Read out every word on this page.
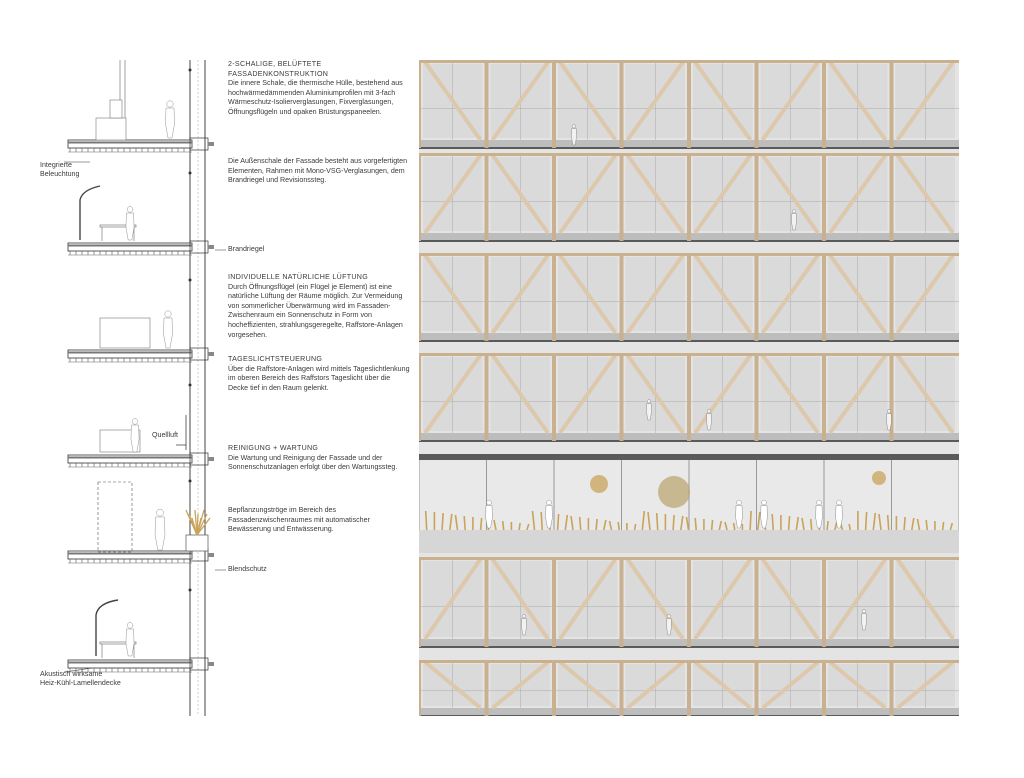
Integrierte
Beleuchtung
Brandriegel
Quellluft
Blendschutz
Akustisch wirksame
Heiz-Kühl-Lamellendecke
2-SCHALIGE, BELÜFTETE FASSADENKONSTRUKTION
Die innere Schale, die thermische Hülle, bestehend aus hochwärmedämmenden Aluminiumprofilen mit 3-fach Wärmeschutz-Isolierverglasungen, Fixverglasungen, Öffnungsflügeln und opaken Brüstungspaneelen.
Die Außenschale der Fassade besteht aus vorgefertigten Elementen, Rahmen mit Mono-VSG-Verglasungen, dem Brandriegel und Revisionssteg.
INDIVIDUELLE NATÜRLICHE LÜFTUNG
Durch Öffnungsflügel (ein Flügel je Element) ist eine natürliche Lüftung der Räume möglich. Zur Vermeidung von sommerlicher Überwärmung wird im Fassaden-Zwischenraum ein Sonnenschutz in Form von hocheffizienten, strahlungsgeregelte, Raffstore-Anlagen vorgesehen.
TAGESLICHTSTEUERUNG
Über die Raffstore-Anlagen wird mittels Tageslichtlenkung im oberen Bereich des Raffstors Tageslicht über die Decke tief in den Raum gelenkt.
REINIGUNG + WARTUNG
Die Wartung und Reinigung der Fassade und der Sonnenschutzanlagen erfolgt über den Wartungssteg.
Bepflanzungströge im Bereich des Fassadenzwischenraumes mit automatischer Bewässerung und Entwässerung.
